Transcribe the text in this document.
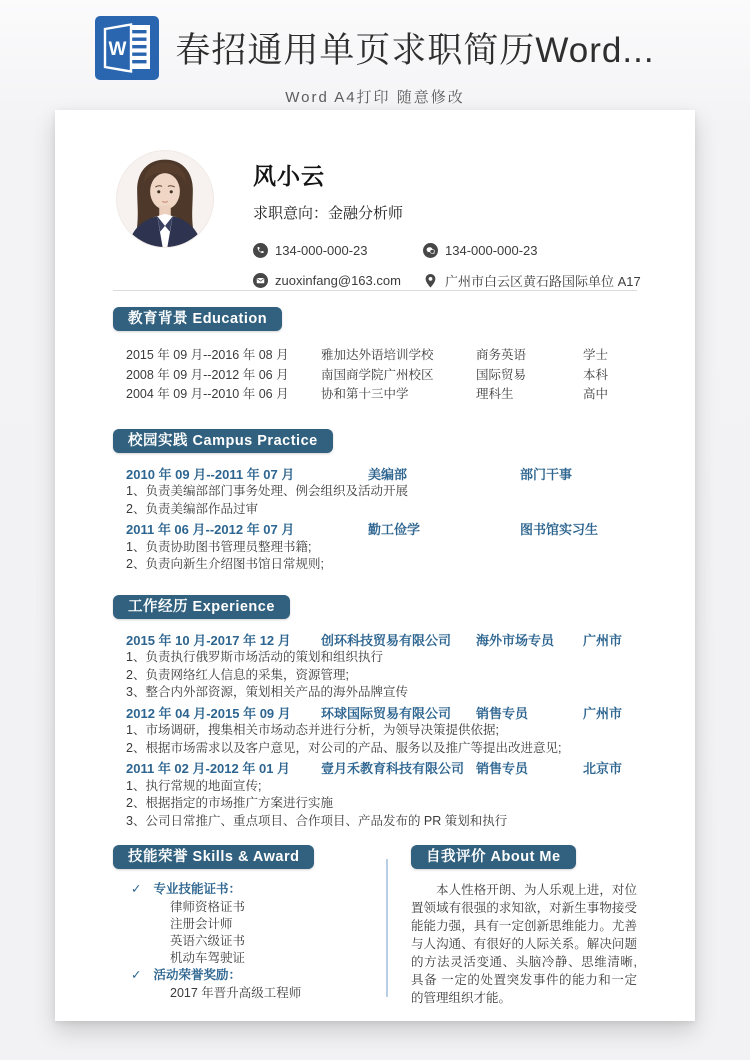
W 春招通用单页求职简历Word...
Word A4打印 随意修改
风小云
求职意向：金融分析师
134-000-000-23	134-000-000-23
zuoxinfang@163.com	广州市白云区黄石路国际单位 A17
教育背景 Education
2015 年 09 月--2016 年 08 月	雅加达外语培训学校	商务英语	学士
2008 年 09 月--2012 年 06 月	南国商学院广州校区	国际贸易	本科
2004 年 09 月--2010 年 06 月	协和第十三中学	理科生	高中
校园实践 Campus Practice
2010 年 09 月--2011 年 07 月	美编部	部门干事
1、负责美编部部门事务处理、例会组织及活动开展
2、负责美编部作品过审
2011 年 06 月--2012 年 07 月	勤工俭学	图书馆实习生
1、负责协助图书管理员整理书籍;
2、负责向新生介绍图书馆日常规则;
工作经历 Experience
2015 年 10 月-2017 年 12 月	创环科技贸易有限公司	海外市场专员	广州市
1、负责执行俄罗斯市场活动的策划和组织执行
2、负责网络红人信息的采集，资源管理;
3、整合内外部资源，策划相关产品的海外品牌宣传
2012 年 04 月-2015 年 09 月	环球国际贸易有限公司	销售专员	广州市
1、市场调研，搜集相关市场动态并进行分析，为领导决策提供依据;
2、根据市场需求以及客户意见，对公司的产品、服务以及推广等提出改进意见;
2011 年 02 月-2012 年 01 月	壹月禾教育科技有限公司 销售专员	北京市
1、执行常规的地面宣传;
2、根据指定的市场推广方案进行实施
3、公司日常推广、重点项目、合作项目、产品发布的 PR 策划和执行
技能荣誉 Skills & Award
✓ 专业技能证书：
律师资格证书
注册会计师
英语六级证书
机动车驾驶证
✓ 活动荣誉奖励：
2017 年晋升高级工程师
自我评价 About Me

本人性格开朗、为人乐观上进，对位置领域有很强的求知欲，对新生事物接受能能力强，具有一定创新思维能力。尤善与人沟通、有很好的人际关系。解决问题的方法灵活变通、头脑冷静、思维清晰,具备 一定的处置突发事件的能力和一定的管理组织才能。
